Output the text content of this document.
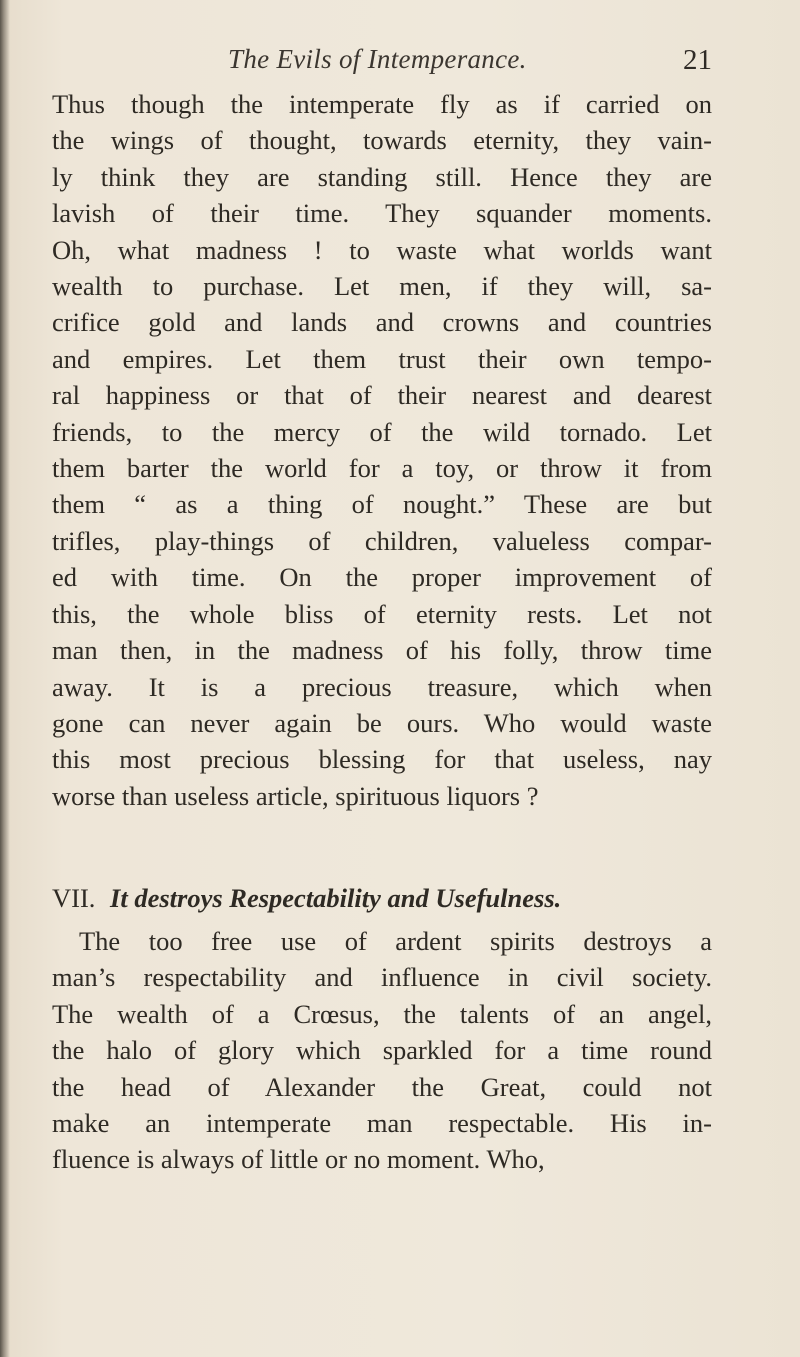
The Evils of Intemperance.	21
Thus though the intemperate fly as if carried on
the wings of thought, towards eternity, they vain-
ly think they are standing still. Hence they are
lavish of their time. They squander moments.
Oh, what madness ! to waste what worlds want
wealth to purchase. Let men, if they will, sa-
crifice gold and lands and crowns and countries
and empires. Let them trust their own tempo-
ral happiness or that of their nearest and dearest
friends, to the mercy of the wild tornado. Let
them barter the world for a toy, or throw it from
them “ as a thing of nought.” These are but
trifles, play-things of children, valueless compar-
ed with time. On the proper improvement of
this, the whole bliss of eternity rests. Let not
man then, in the madness of his folly, throw time
away. It is a precious treasure, which when
gone can never again be ours. Who would waste
this most precious blessing for that useless, nay
worse than useless article, spirituous liquors ?
VII. It destroys Respectability and Usefulness.
The too free use of ardent spirits destroys a
man’s respectability and influence in civil society.
The wealth of a Crœsus, the talents of an angel,
the halo of glory which sparkled for a time round
the head of Alexander the Great, could not
make an intemperate man respectable. His in-
fluence is always of little or no moment. Who,
